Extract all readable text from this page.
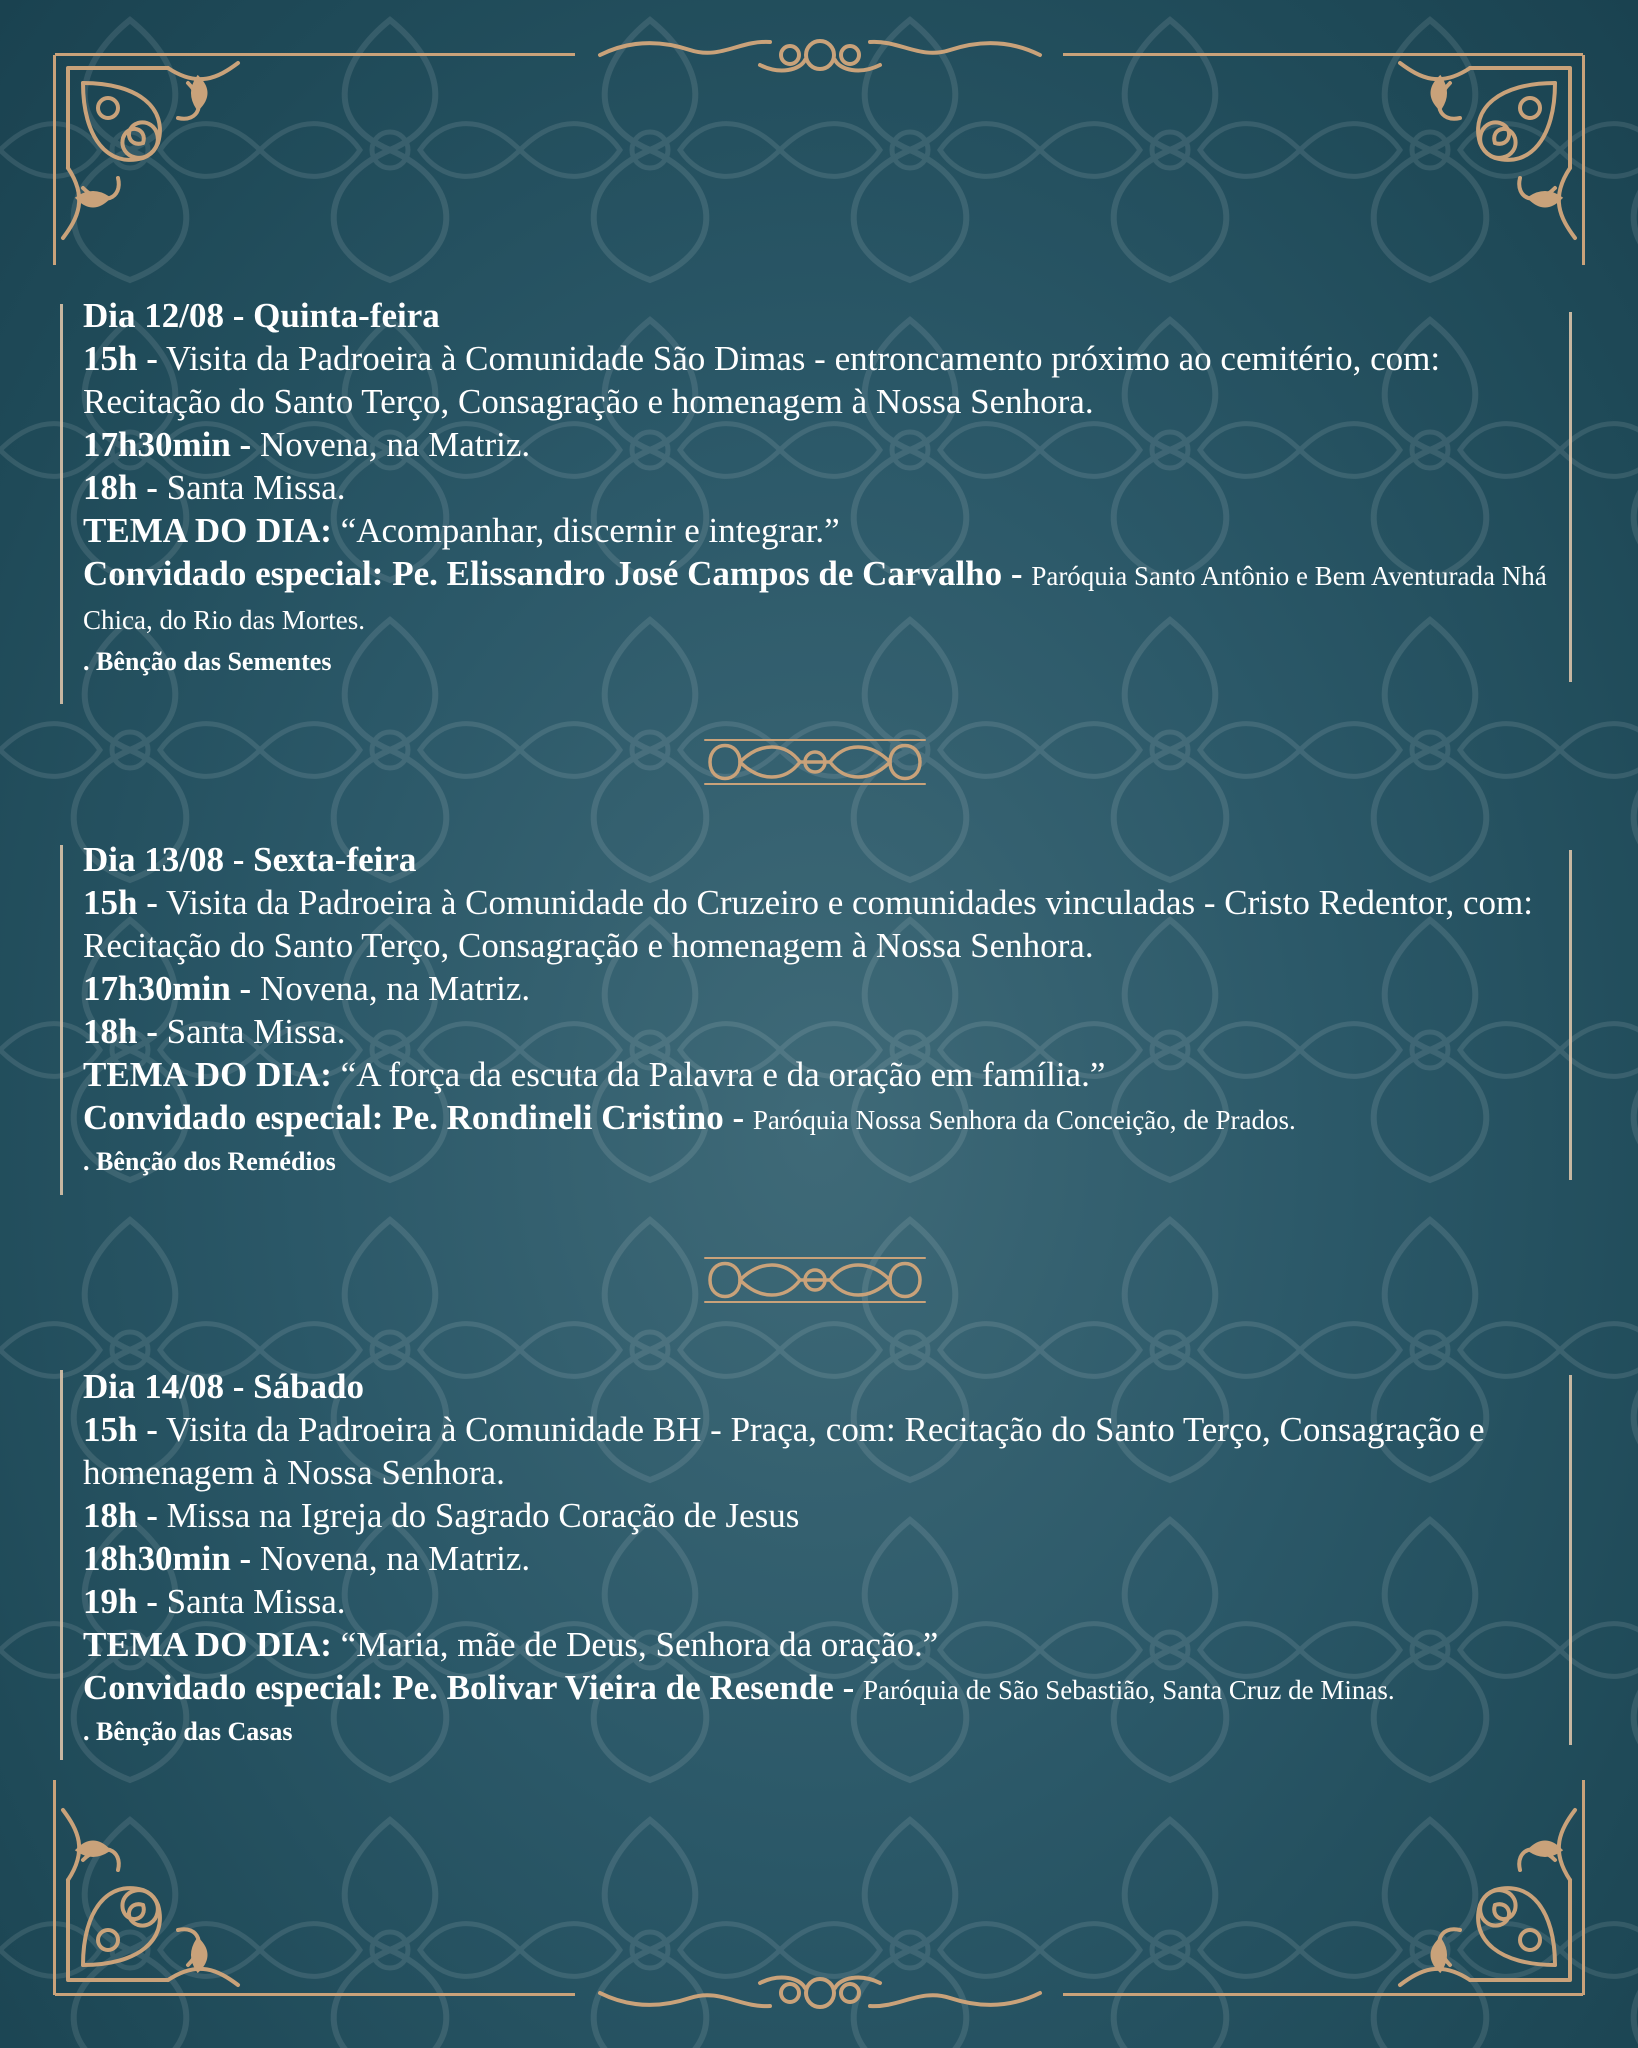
Dia 12/08 - Quinta-feira
15h - Visita da Padroeira à Comunidade São Dimas - entroncamento próximo ao cemitério, com: Recitação do Santo Terço, Consagração e homenagem à Nossa Senhora.
17h30min - Novena, na Matriz.
18h - Santa Missa.
TEMA DO DIA: “Acompanhar, discernir e integrar.”
Convidado especial: Pe. Elissandro José Campos de Carvalho - Paróquia Santo Antônio e Bem Aventurada Nhá Chica, do Rio das Mortes.
. Bênção das Sementes
Dia 13/08 - Sexta-feira
15h - Visita da Padroeira à Comunidade do Cruzeiro e comunidades vinculadas - Cristo Redentor, com: Recitação do Santo Terço, Consagração e homenagem à Nossa Senhora.
17h30min - Novena, na Matriz.
18h - Santa Missa.
TEMA DO DIA: “A força da escuta da Palavra e da oração em família.”
Convidado especial: Pe. Rondineli Cristino - Paróquia Nossa Senhora da Conceição, de Prados.
. Bênção dos Remédios
Dia 14/08 - Sábado
15h - Visita da Padroeira à Comunidade BH - Praça, com: Recitação do Santo Terço, Consagração e homenagem à Nossa Senhora.
18h - Missa na Igreja do Sagrado Coração de Jesus
18h30min - Novena, na Matriz.
19h - Santa Missa.
TEMA DO DIA: “Maria, mãe de Deus, Senhora da oração.”
Convidado especial: Pe. Bolivar Vieira de Resende - Paróquia de São Sebastião, Santa Cruz de Minas.
. Bênção das Casas
